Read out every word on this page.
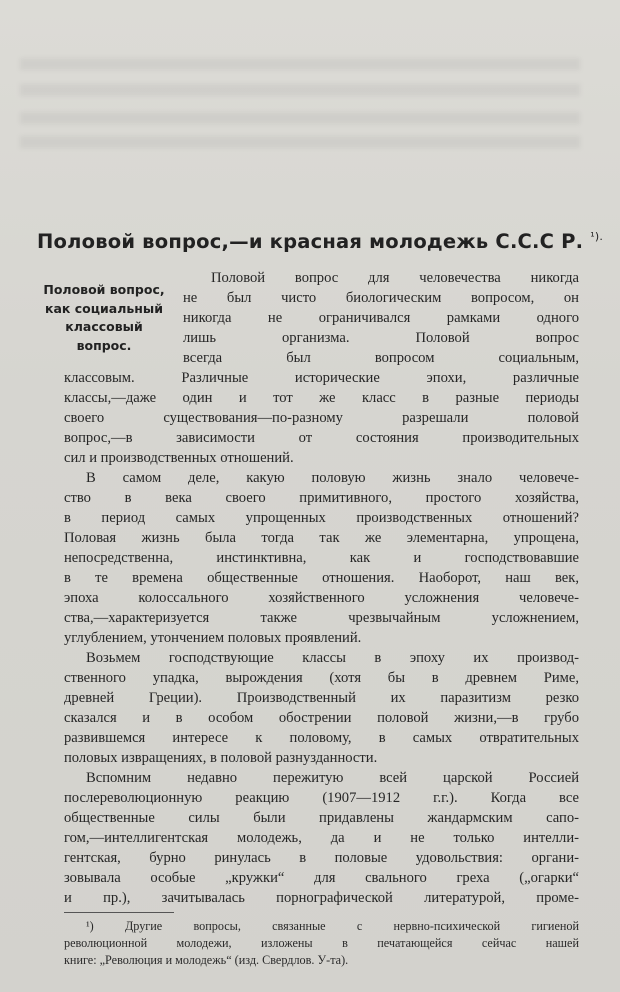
Половой вопрос,—и красная молодежь С.С.С Р. $^{^1).}$
Половой вопрос,
как социальный
классовый
вопрос.
Половой вопрос для человечества никогда
не был чисто биологическим вопросом, он
никогда не ограничивался рамками одного
лишь организма. Половой вопрос
всегда был вопросом социальным,
классовым. Различные исторические эпохи, различные
классы,—даже один и тот же класс в разные периоды
своего существования—по-разному разрешали половой
вопрос,—в зависимости от состояния производительных
сил и производственных отношений.
В самом деле, какую половую жизнь знало человече-
ство в века своего примитивного, простого хозяйства,
в период самых упрощенных производственных отношений?
Половая жизнь была тогда так же элементарна, упрощена,
непосредственна, инстинктивна, как и господствовавшие
в те времена общественные отношения. Наоборот, наш век,
эпоха колоссального хозяйственного усложнения человече-
ства,—характеризуется также чрезвычайным усложнением,
углублением, утончением половых проявлений.
Возьмем господствующие классы в эпоху их производ-
ственного упадка, вырождения (хотя бы в древнем Риме,
древней Греции). Производственный их паразитизм резко
сказался и в особом обострении половой жизни,—в грубо
развившемся интересе к половому, в самых отвратительных
половых извращениях, в половой разнузданности.
Вспомним недавно пережитую всей царской Россией
послереволюционную реакцию (1907—1912 г.г.). Когда все
общественные силы были придавлены жандармским сапо-
гом,—интеллигентская молодежь, да и не только интелли-
гентская, бурно ринулась в половые удовольствия: органи-
зовывала особые „кружки“ для свального греха („огарки“
и пр.), зачитывалась порнографической литературой, проме-
¹) Другие вопросы, связанные с нервно-психической гигиеной
революционной молодежи, изложены в печатающейся сейчас нашей
книге: „Революция и молодежь“ (изд. Свердлов. У-та).
